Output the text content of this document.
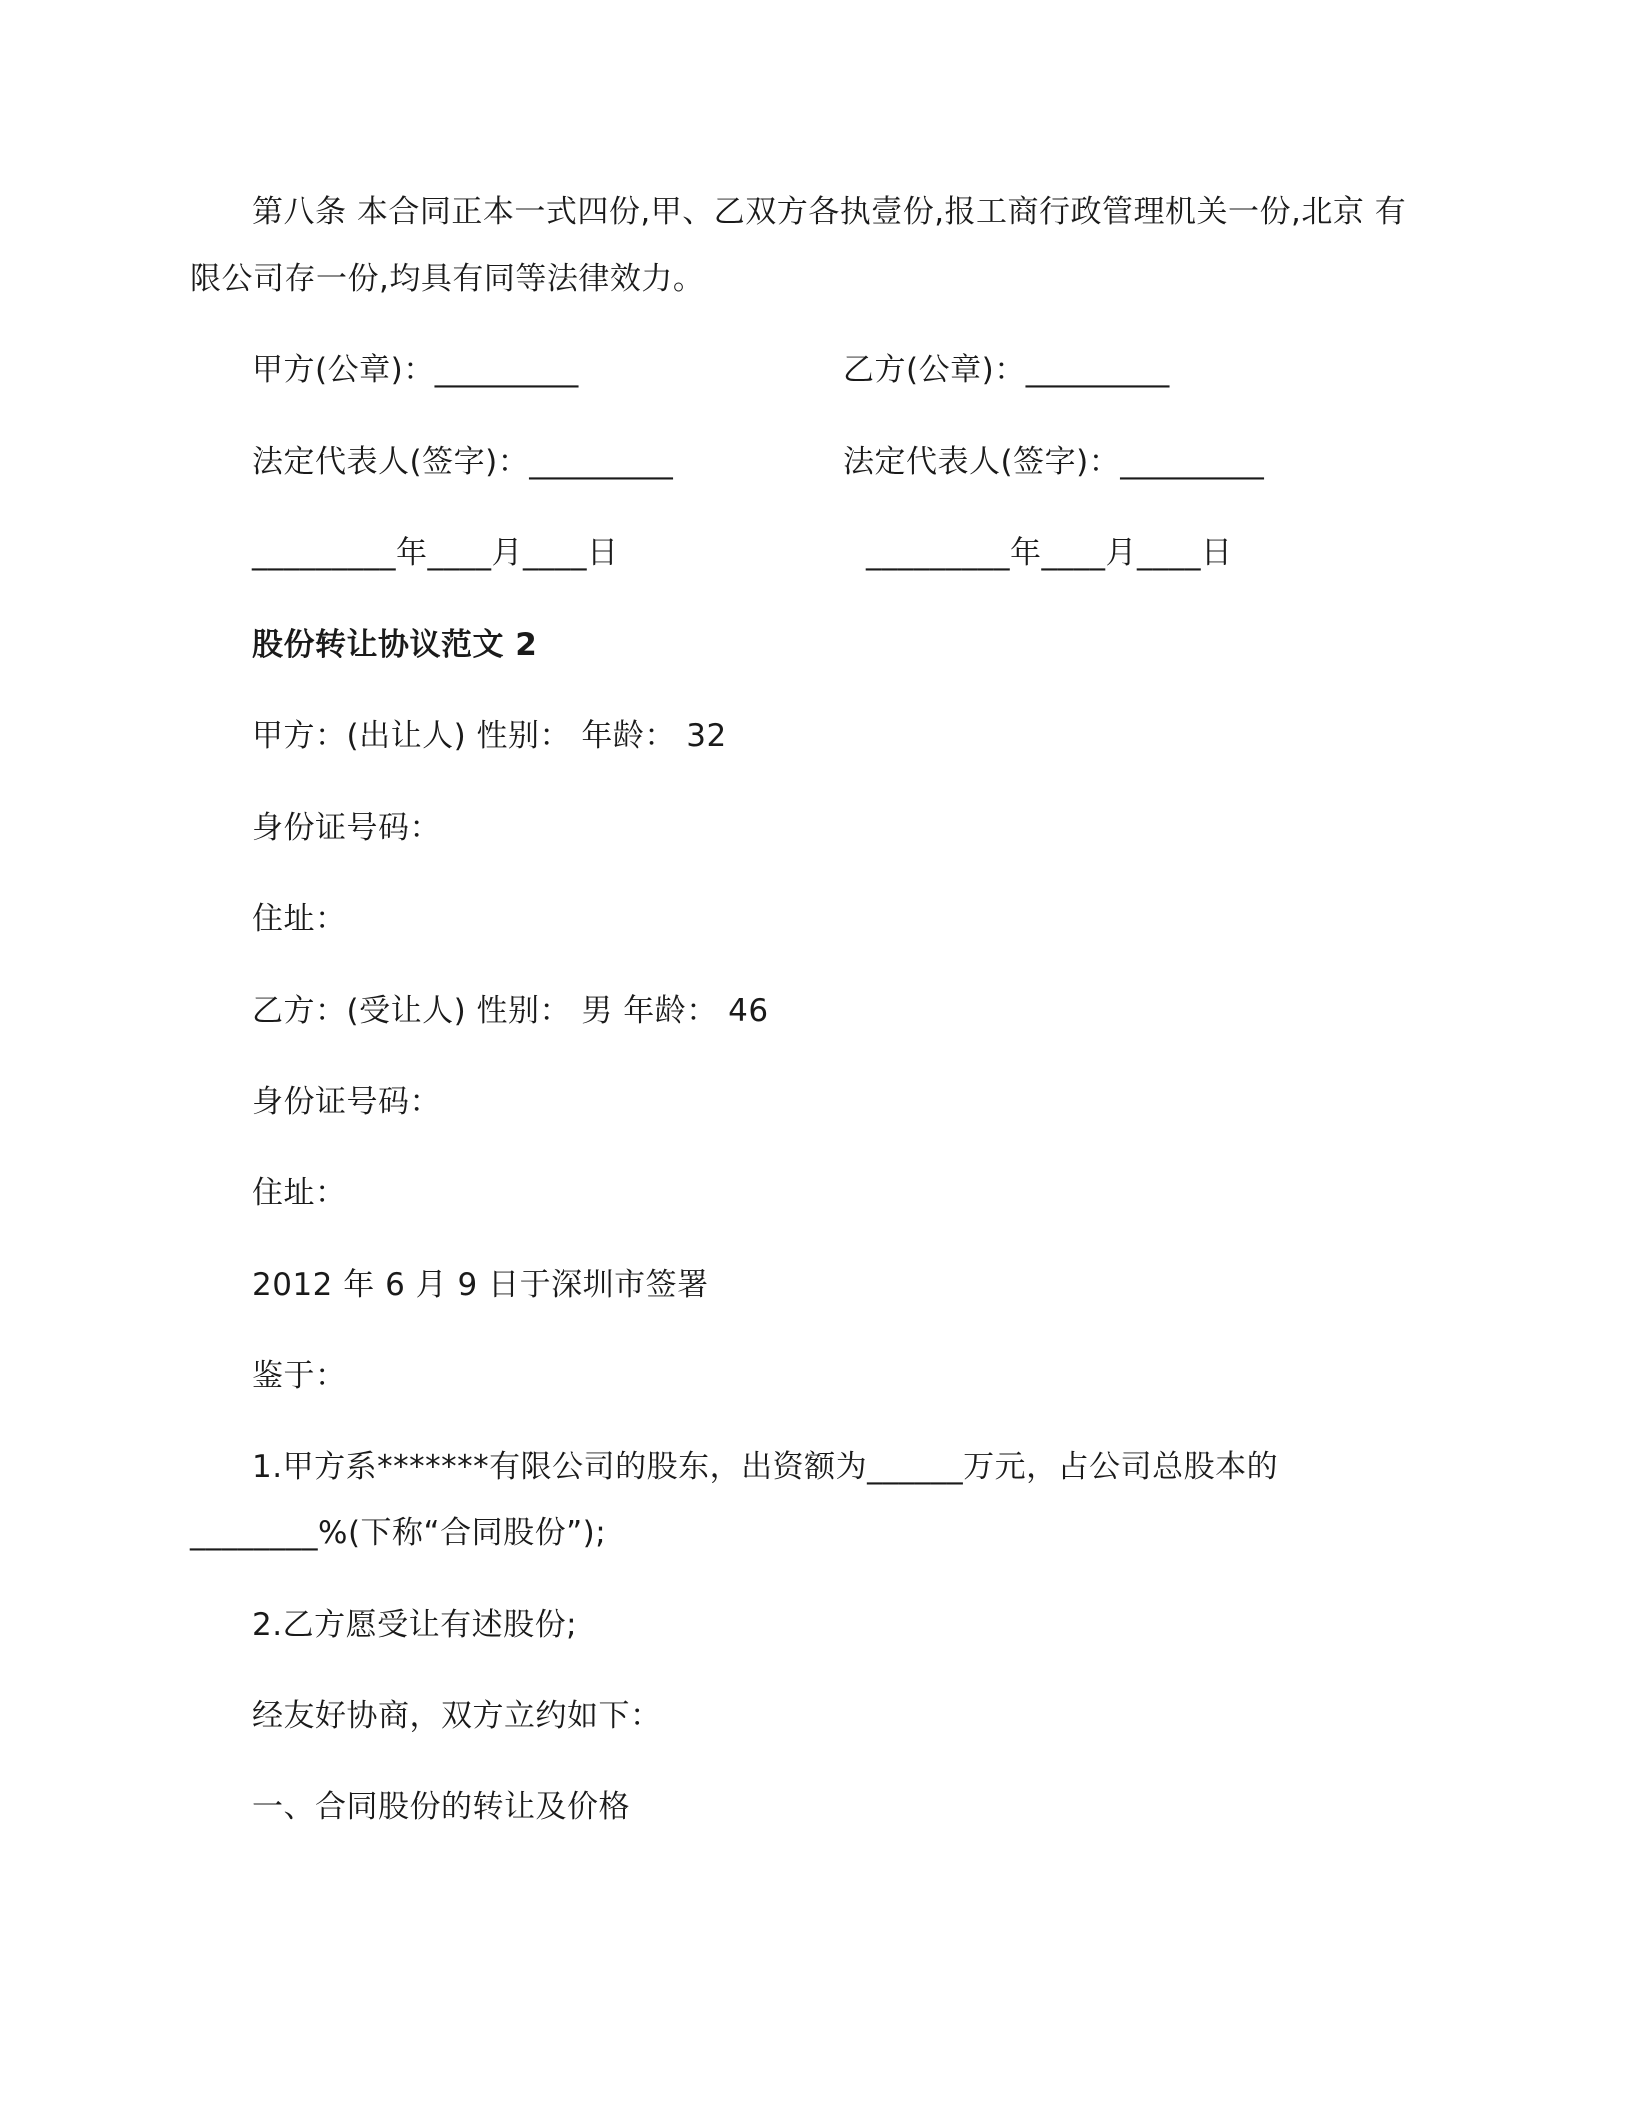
第八条 本合同正本一式四份,甲、乙双方各执壹份,报工商行政管理机关一份,北京 有
限公司存一份,均具有同等法律效力。
甲方(公章)：_________	乙方(公章)：_________
法定代表人(签字)：_________	法定代表人(签字)：_________
_________年____月____日	_________年____月____日
股份转让协议范文 2
甲方：(出让人) 性别： 年龄： 32
身份证号码：
住址：
乙方：(受让人) 性别： 男 年龄： 46
身份证号码：
住址：
2012 年 6 月 9 日于深圳市签署
鉴于：
1.甲方系*******有限公司的股东，出资额为______万元，占公司总股本的
________%(下称“合同股份”);
2.乙方愿受让有述股份;
经友好协商，双方立约如下：
一、合同股份的转让及价格
